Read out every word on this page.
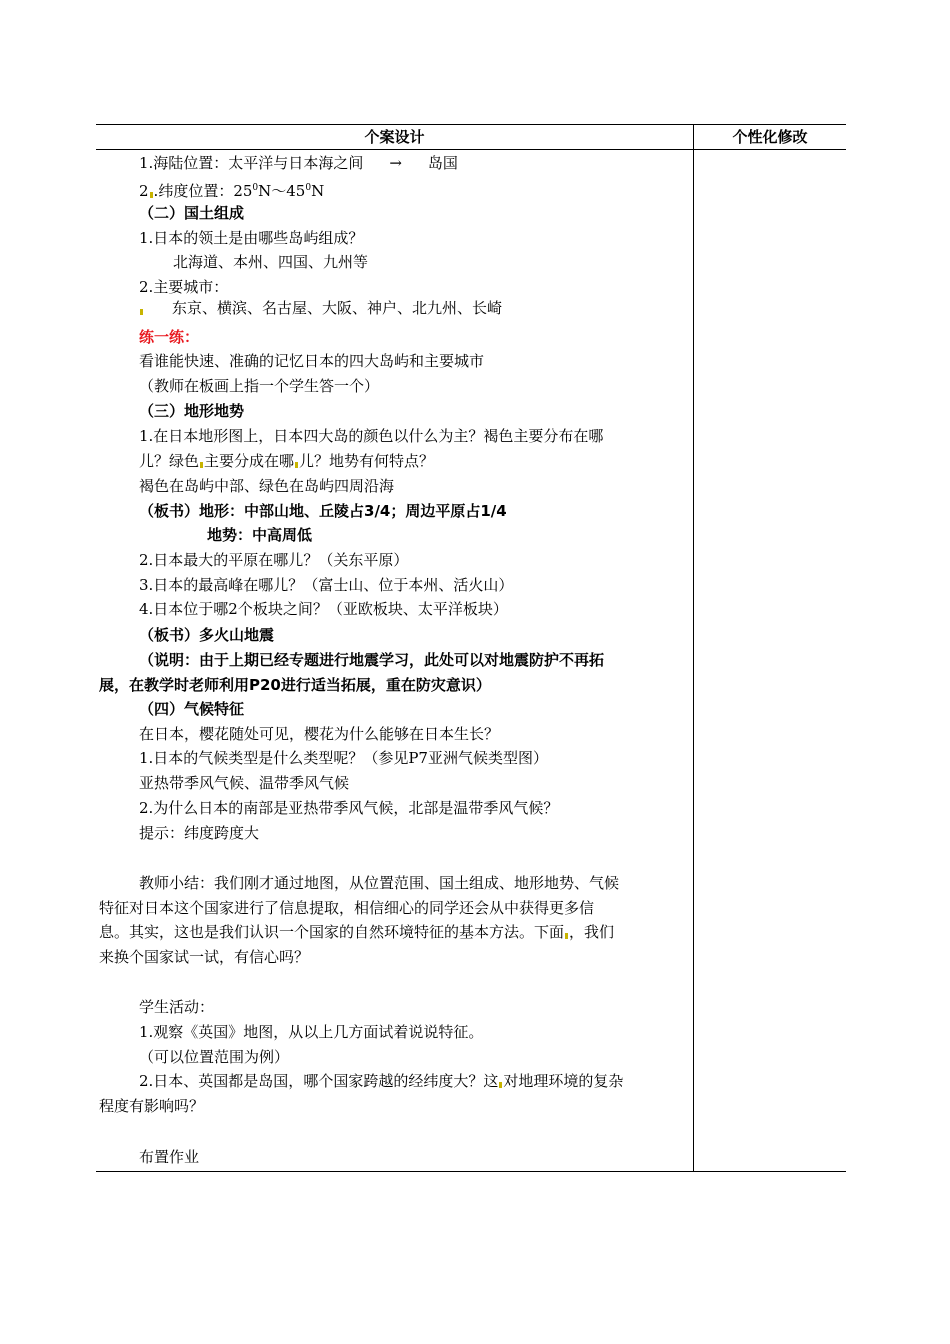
个案设计	个性化修改
1.海陆位置：太平洋与日本海之间 → 岛国
2 .纬度位置：$25^0N\sim 45^0N$
（二）国土组成
1.日本的领土是由哪些岛屿组成？
北海道、本州、四国、九州等
2.主要城市：
东京、横滨、名古屋、大阪、神户、北九州、长崎
练一练：
看谁能快速、准确的记忆日本的四大岛屿和主要城市
（教师在板画上指一个学生答一个）
（三）地形地势
1.在日本地形图上，日本四大岛的颜色以什么为主？褐色主要分布在哪
儿？绿色 主要分成在哪 儿？地势有何特点？
褐色在岛屿中部、绿色在岛屿四周沿海
（板书）地形：中部山地、丘陵占3/4；周边平原占1/4
地势：中高周低
2.日本最大的平原在哪儿？（关东平原）
3.日本的最高峰在哪儿？（富士山、位于本州、活火山）
4.日本位于哪2个板块之间？（亚欧板块、太平洋板块）
（板书）多火山地震
（说明：由于上期已经专题进行地震学习，此处可以对地震防护不再拓
展，在教学时老师利用P20进行适当拓展，重在防灾意识）
（四）气候特征
在日本，樱花随处可见，樱花为什么能够在日本生长？
1.日本的气候类型是什么类型呢？（参见P7亚洲气候类型图）
亚热带季风气候、温带季风气候
2.为什么日本的南部是亚热带季风气候，北部是温带季风气候？
提示：纬度跨度大
教师小结：我们刚才通过地图，从位置范围、国土组成、地形地势、气候
特征对日本这个国家进行了信息提取，相信细心的同学还会从中获得更多信
息。其实，这也是我们认识一个国家的自然环境特征的基本方法。下面 ，我们
来换个国家试一试，有信心吗？
学生活动：
1.观察《英国》地图，从以上几方面试着说说特征。
（可以位置范围为例）
2.日本、英国都是岛国，哪个国家跨越的经纬度大？这 对地理环境的复杂
程度有影响吗？
布置作业
